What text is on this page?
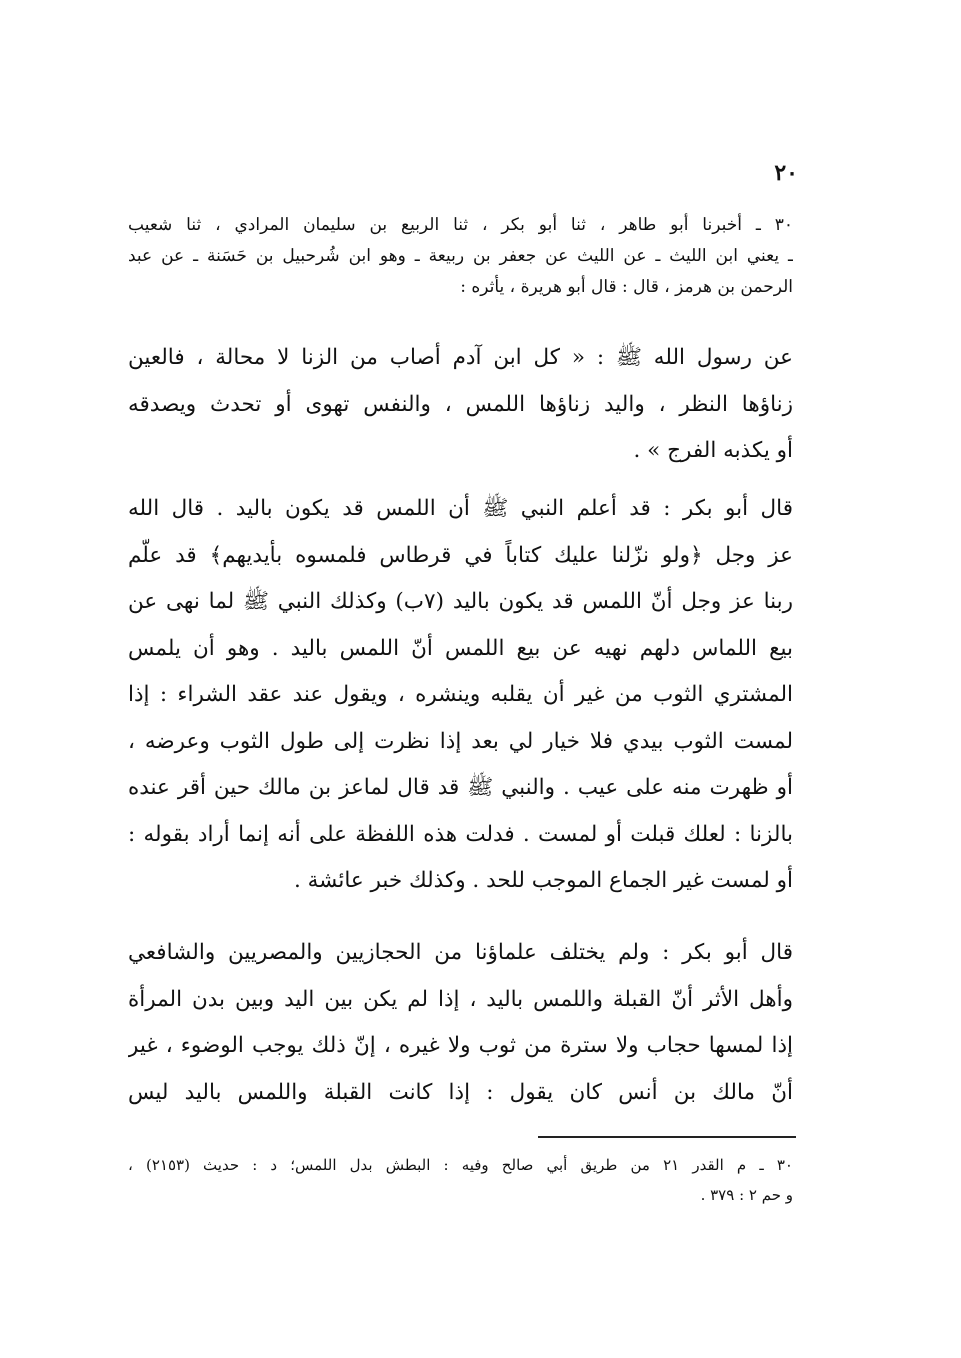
٢٠
٣٠ ـ أخبرنا أبو طاهر ، ثنا أبو بكر ، ثنا الربيع بن سليمان المرادي ، ثنا شعيب
ـ يعني ابن الليث ـ عن الليث عن جعفر بن ربيعة ـ وهو ابن شُرحبيل بن حَسَنة ـ عن عبد
الرحمن بن هرمز ، قال : قال أبو هريرة ، يأثره :
عن رسول الله ﷺ : « كل ابن آدم أصاب من الزنا لا محالة ، فالعين
زناؤها النظر ، واليد زناؤها اللمس ، والنفس تهوى أو تحدث ويصدقه
أو يكذبه الفرج » .
قال أبو بكر : قد أعلم النبي ﷺ أن اللمس قد يكون باليد . قال الله
عز وجل ﴿ولو نزّلنا عليك كتاباً في قرطاس فلمسوه بأيديهم﴾ قد علّم
ربنا عز وجل أنّ اللمس قد يكون باليد (٧ب) وكذلك النبي ﷺ لما نهى عن
بيع اللماس دلهم نهيه عن بيع اللمس أنّ اللمس باليد . وهو أن يلمس
المشتري الثوب من غير أن يقلبه وينشره ، ويقول عند عقد الشراء : إذا
لمست الثوب بيدي فلا خيار لي بعد إذا نظرت إلى طول الثوب وعرضه ،
أو ظهرت منه على عيب . والنبي ﷺ قد قال لماعز بن مالك حين أقر عنده
بالزنا : لعلك قبلت أو لمست . فدلت هذه اللفظة على أنه إنما أراد بقوله :
أو لمست غير الجماع الموجب للحد . وكذلك خبر عائشة .
قال أبو بكر : ولم يختلف علماؤنا من الحجازيين والمصريين والشافعي
وأهل الأثر أنّ القبلة واللمس باليد ، إذا لم يكن بين اليد وبين بدن المرأة
إذا لمسها حجاب ولا سترة من ثوب ولا غيره ، إنّ ذلك يوجب الوضوء ، غير
أنّ مالك بن أنس كان يقول : إذا كانت القبلة واللمس باليد ليس
٣٠ ـ م القدر ٢١ من طريق أبي صالح وفيه : البطش بدل اللمس؛ د : حديث (٢١٥٣) ،
و حم ٢ : ٣٧٩ .
